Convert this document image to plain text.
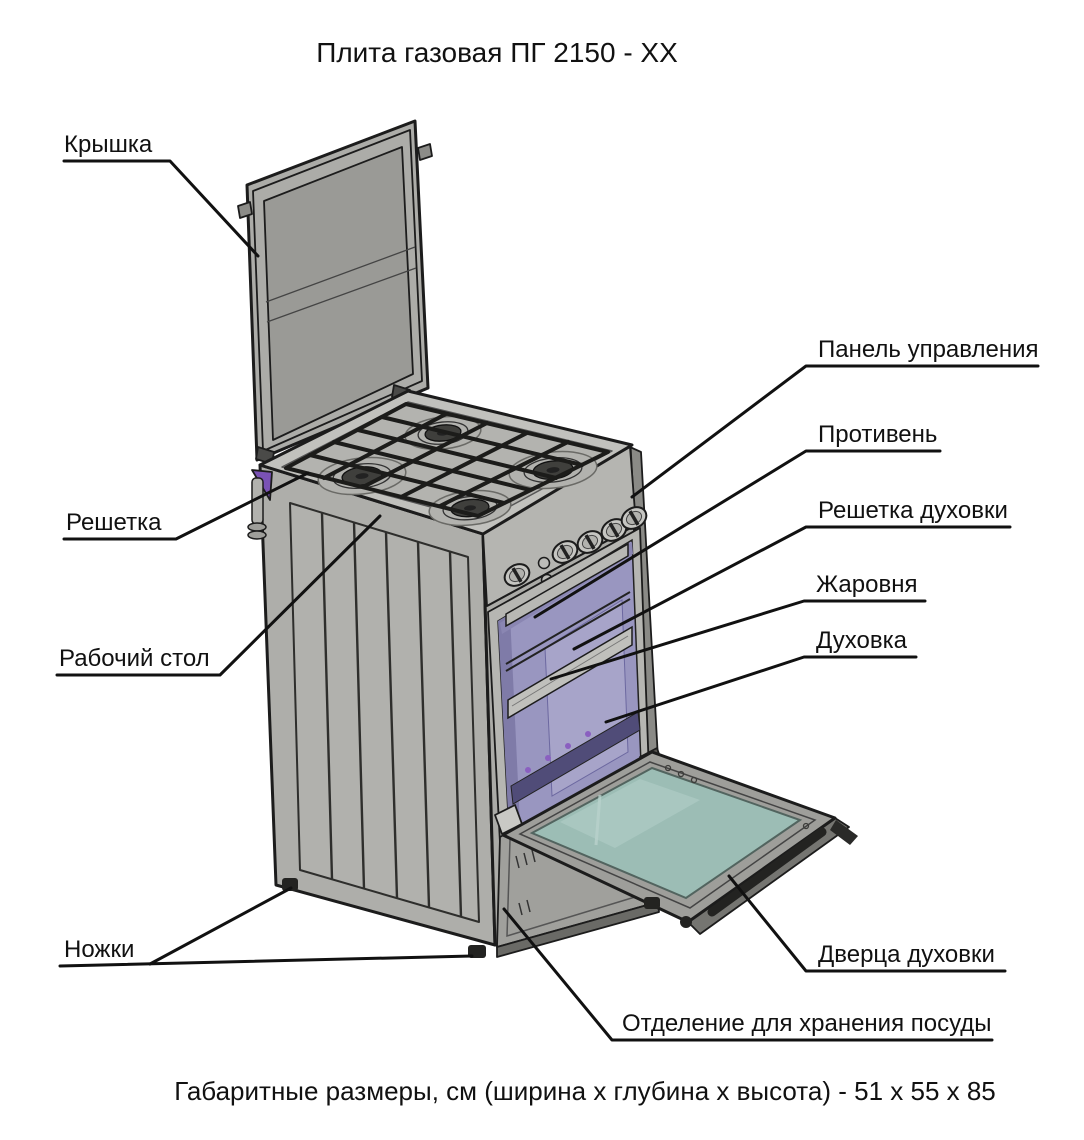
Крышка
Решетка
Рабочий стол
Ножки
Панель управления
Противень
Решетка духовки
Жаровня
Духовка
Дверца духовки
Отделение для хранения посуды
Плита газовая ПГ 2150 - ХХ
Габаритные размеры, см (ширина х глубина х высота) - 51 х 55 х 85
